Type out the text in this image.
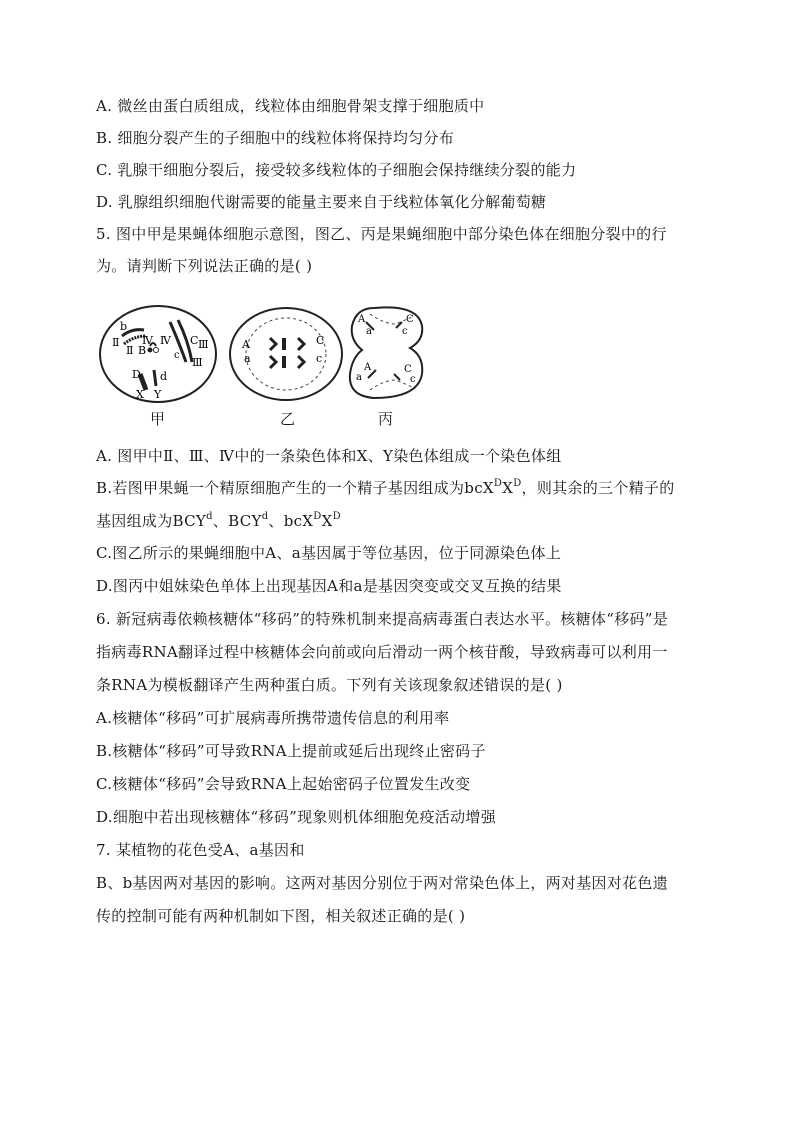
A. 微丝由蛋白质组成，线粒体由细胞骨架支撑于细胞质中
B. 细胞分裂产生的子细胞中的线粒体将保持均匀分布
C. 乳腺干细胞分裂后，接受较多线粒体的子细胞会保持继续分裂的能力
D. 乳腺组织细胞代谢需要的能量主要来自于线粒体氧化分解葡萄糖
5. 图中甲是果蝇体细胞示意图，图乙、丙是果蝇细胞中部分染色体在细胞分裂中的行
为。请判断下列说法正确的是( )
Ⅱ
b
Ⅱ B
Ⅳ Ⅳ
c
C Ⅲ
Ⅲ
D d
X Y
A
a
C
c
A
a
C
c
A
a
C
c
甲	乙	丙
A. 图甲中Ⅱ、Ⅲ、Ⅳ中的一条染色体和X、Y染色体组成一个染色体组
B.若图甲果蝇一个精原细胞产生的一个精子基因组成为$bcX^DX^D$，则其余的三个精子的
基因组成为BCY$^d$、BCY$^d$、$bcX^DX^D$
C.图乙所示的果蝇细胞中A、a基因属于等位基因，位于同源染色体上
D.图丙中姐妹染色单体上出现基因A和a是基因突变或交叉互换的结果
6. 新冠病毒依赖核糖体“移码”的特殊机制来提高病毒蛋白表达水平。核糖体“移码”是
指病毒RNA翻译过程中核糖体会向前或向后滑动一两个核苷酸，导致病毒可以利用一
条RNA为模板翻译产生两种蛋白质。下列有关该现象叙述错误的是( )
A.核糖体“移码”可扩展病毒所携带遗传信息的利用率
B.核糖体“移码”可导致RNA上提前或延后出现终止密码子
C.核糖体“移码”会导致RNA上起始密码子位置发生改变
D.细胞中若出现核糖体“移码”现象则机体细胞免疫活动增强
7. 某植物的花色受A、a基因和
B、b基因两对基因的影响。这两对基因分别位于两对常染色体上，两对基因对花色遗
传的控制可能有两种机制如下图，相关叙述正确的是( )
